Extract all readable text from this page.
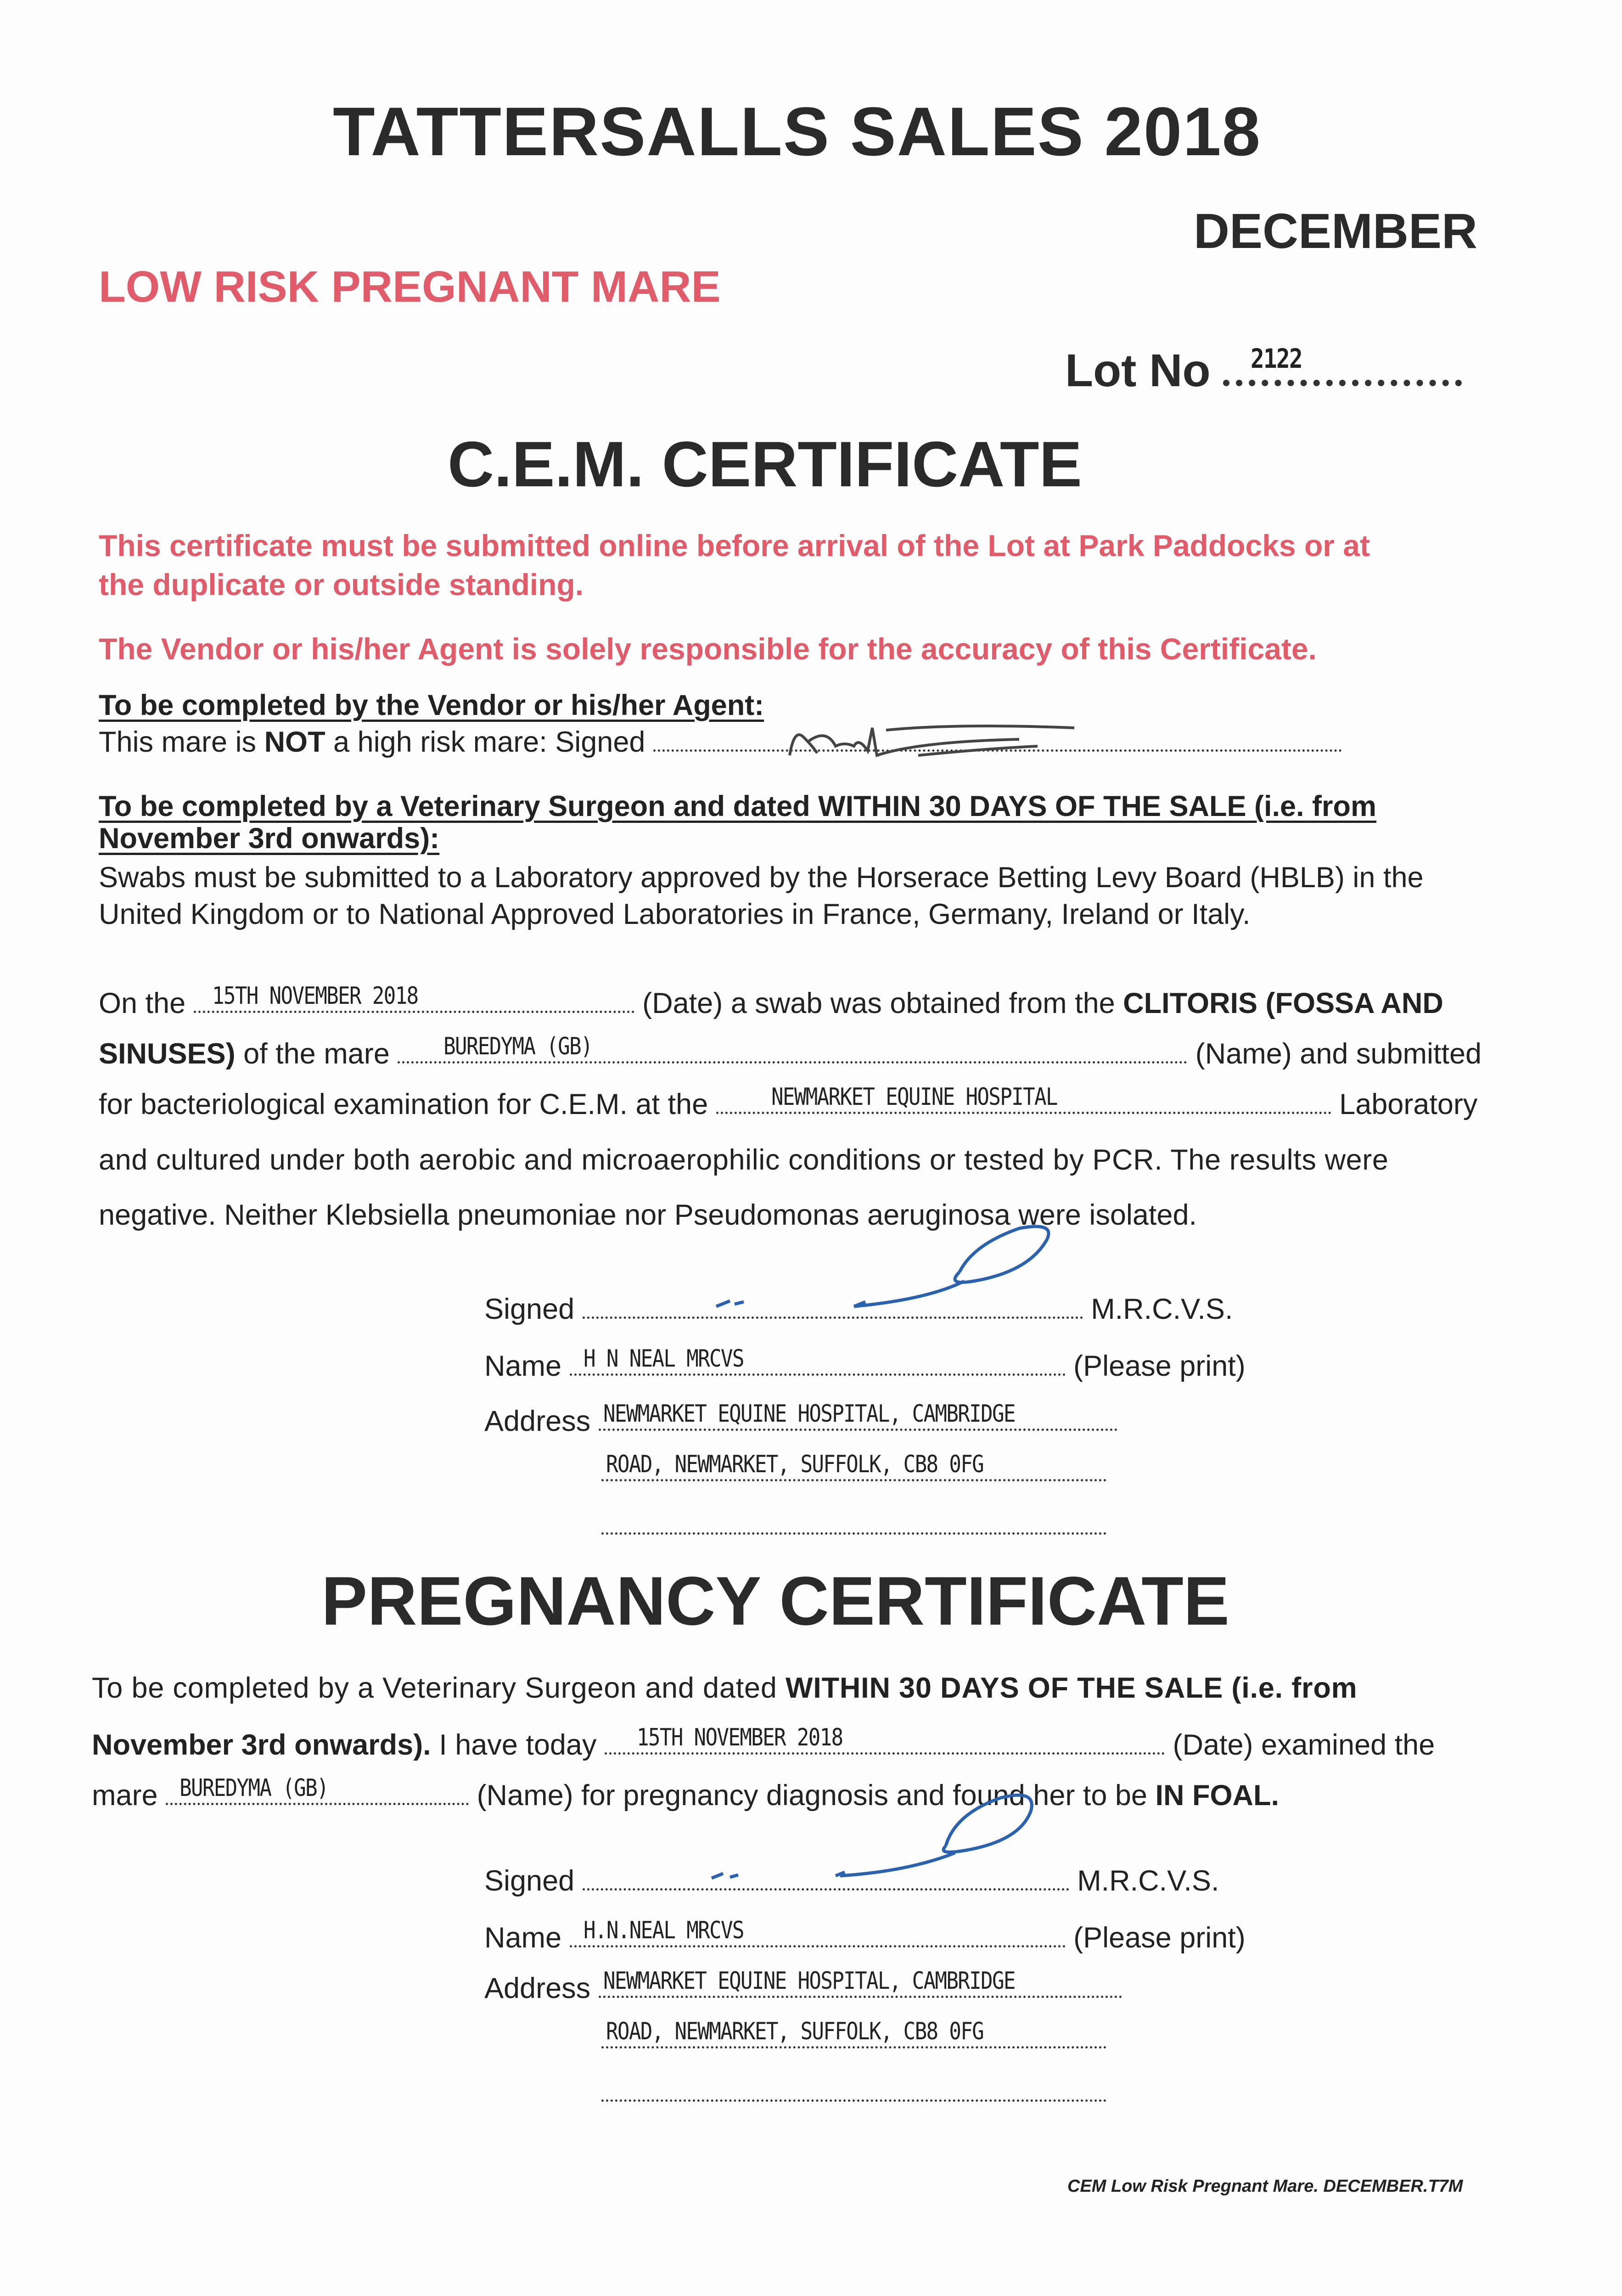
TATTERSALLS SALES 2018
DECEMBER
LOW RISK PREGNANT MARE
Lot No 2122
C.E.M. CERTIFICATE
This certificate must be submitted online before arrival of the Lot at Park Paddocks or at
the duplicate or outside standing.
The Vendor or his/her Agent is solely responsible for the accuracy of this Certificate.
To be completed by the Vendor or his/her Agent:
This mare is NOT a high risk mare: Signed
To be completed by a Veterinary Surgeon and dated WITHIN 30 DAYS OF THE SALE (i.e. from
November 3rd onwards):
Swabs must be submitted to a Laboratory approved by the Horserace Betting Levy Board (HBLB) in the
United Kingdom or to National Approved Laboratories in France, Germany, Ireland or Italy.
On the 15TH NOVEMBER 2018	(Date) a swab was obtained from the CLITORIS (FOSSA AND
SINUSES) of the mare BUREDYMA (GB)	(Name) and submitted
for bacteriological examination for C.E.M. at the	NEWMARKET EQUINE HOSPITAL	Laboratory
and cultured under both aerobic and microaerophilic conditions or tested by PCR. The results were
negative. Neither Klebsiella pneumoniae nor Pseudomonas aeruginosa were isolated.
Signed	M.R.C.V.S.
Name H N NEAL MRCVS	(Please print)
Address NEWMARKET EQUINE HOSPITAL, CAMBRIDGE
ROAD, NEWMARKET, SUFFOLK, CB8 0FG
PREGNANCY CERTIFICATE
To be completed by a Veterinary Surgeon and dated WITHIN 30 DAYS OF THE SALE (i.e. from
November 3rd onwards). I have today 15TH NOVEMBER 2018	(Date) examined the
mare BUREDYMA (GB)	(Name) for pregnancy diagnosis and found her to be IN FOAL.
Signed	M.R.C.V.S.
Name H.N.NEAL MRCVS	(Please print)
Address NEWMARKET EQUINE HOSPITAL, CAMBRIDGE
ROAD, NEWMARKET, SUFFOLK, CB8 0FG
CEM Low Risk Pregnant Mare. DECEMBER.T7M
